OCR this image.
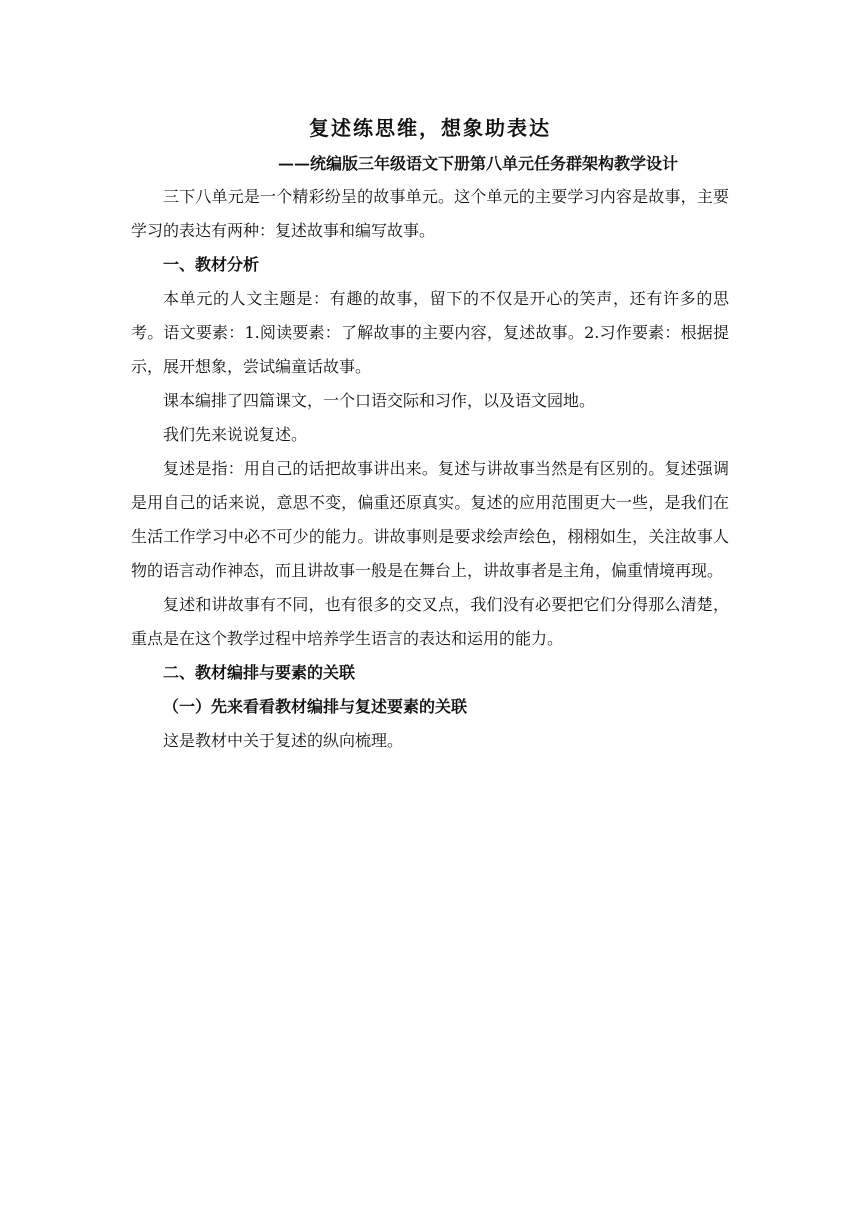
复述练思维，想象助表达
——统编版三年级语文下册第八单元任务群架构教学设计

三下八单元是一个精彩纷呈的故事单元。这个单元的主要学习内容是故事，主要学习的表达有两种：复述故事和编写故事。

一、教材分析

本单元的人文主题是：有趣的故事，留下的不仅是开心的笑声，还有许多的思考。语文要素：1.阅读要素：了解故事的主要内容，复述故事。2.习作要素：根据提示，展开想象，尝试编童话故事。

课本编排了四篇课文，一个口语交际和习作，以及语文园地。

我们先来说说复述。

复述是指：用自己的话把故事讲出来。复述与讲故事当然是有区别的。复述强调是用自己的话来说，意思不变，偏重还原真实。复述的应用范围更大一些，是我们在生活工作学习中必不可少的能力。讲故事则是要求绘声绘色，栩栩如生，关注故事人物的语言动作神态，而且讲故事一般是在舞台上，讲故事者是主角，偏重情境再现。

复述和讲故事有不同，也有很多的交叉点，我们没有必要把它们分得那么清楚，重点是在这个教学过程中培养学生语言的表达和运用的能力。

二、教材编排与要素的关联

（一）先来看看教材编排与复述要素的关联

这是教材中关于复述的纵向梳理。
